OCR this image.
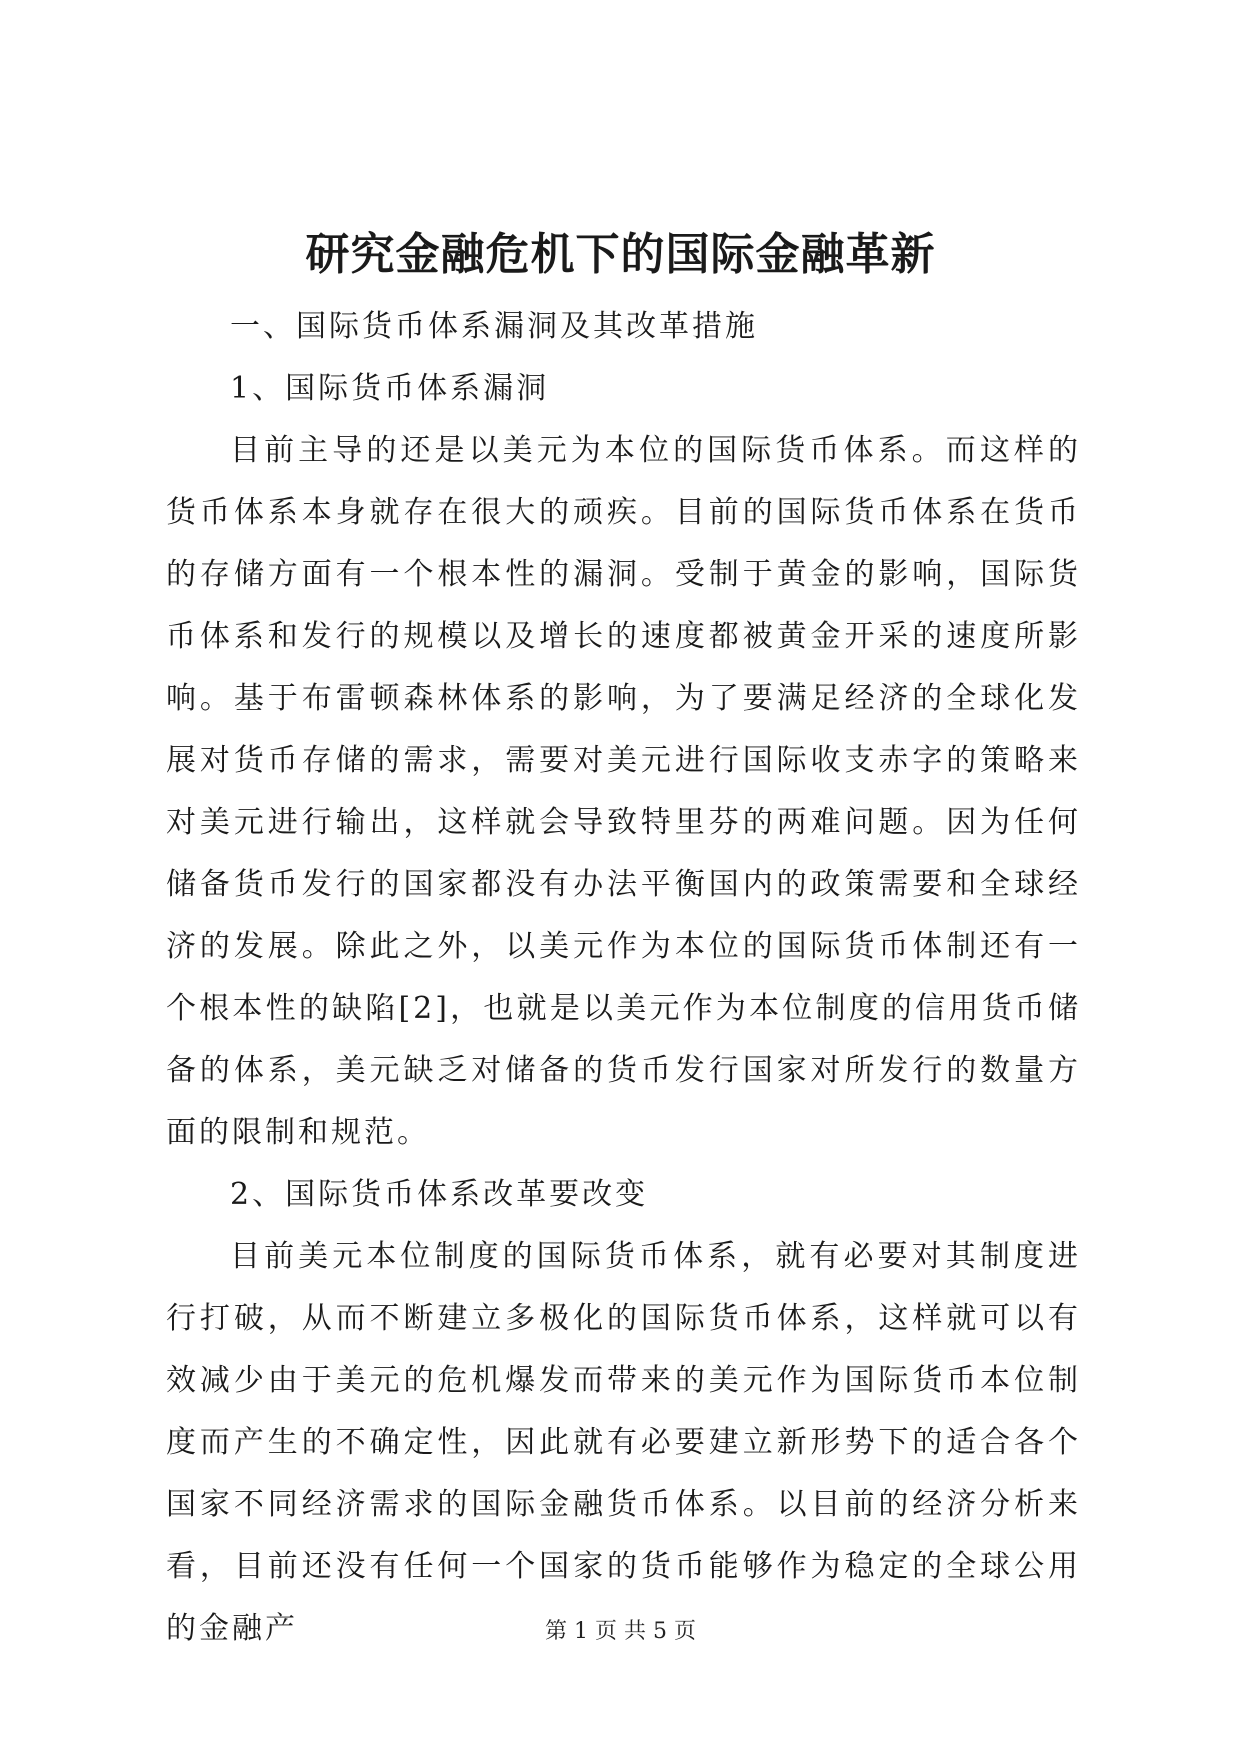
研究金融危机下的国际金融革新

一、国际货币体系漏洞及其改革措施

1、国际货币体系漏洞

目前主导的还是以美元为本位的国际货币体系。而这样的货币体系本身就存在很大的顽疾。目前的国际货币体系在货币的存储方面有一个根本性的漏洞。受制于黄金的影响，国际货币体系和发行的规模以及增长的速度都被黄金开采的速度所影响。基于布雷顿森林体系的影响，为了要满足经济的全球化发展对货币存储的需求，需要对美元进行国际收支赤字的策略来对美元进行输出，这样就会导致特里芬的两难问题。因为任何储备货币发行的国家都没有办法平衡国内的政策需要和全球经济的发展。除此之外，以美元作为本位的国际货币体制还有一个根本性的缺陷[2]，也就是以美元作为本位制度的信用货币储备的体系，美元缺乏对储备的货币发行国家对所发行的数量方面的限制和规范。

2、国际货币体系改革要改变

目前美元本位制度的国际货币体系，就有必要对其制度进行打破，从而不断建立多极化的国际货币体系，这样就可以有效减少由于美元的危机爆发而带来的美元作为国际货币本位制度而产生的不确定性，因此就有必要建立新形势下的适合各个国家不同经济需求的国际金融货币体系。以目前的经济分析来看，目前还没有任何一个国家的货币能够作为稳定的全球公用的金融产	第 1 页 共 5 页
